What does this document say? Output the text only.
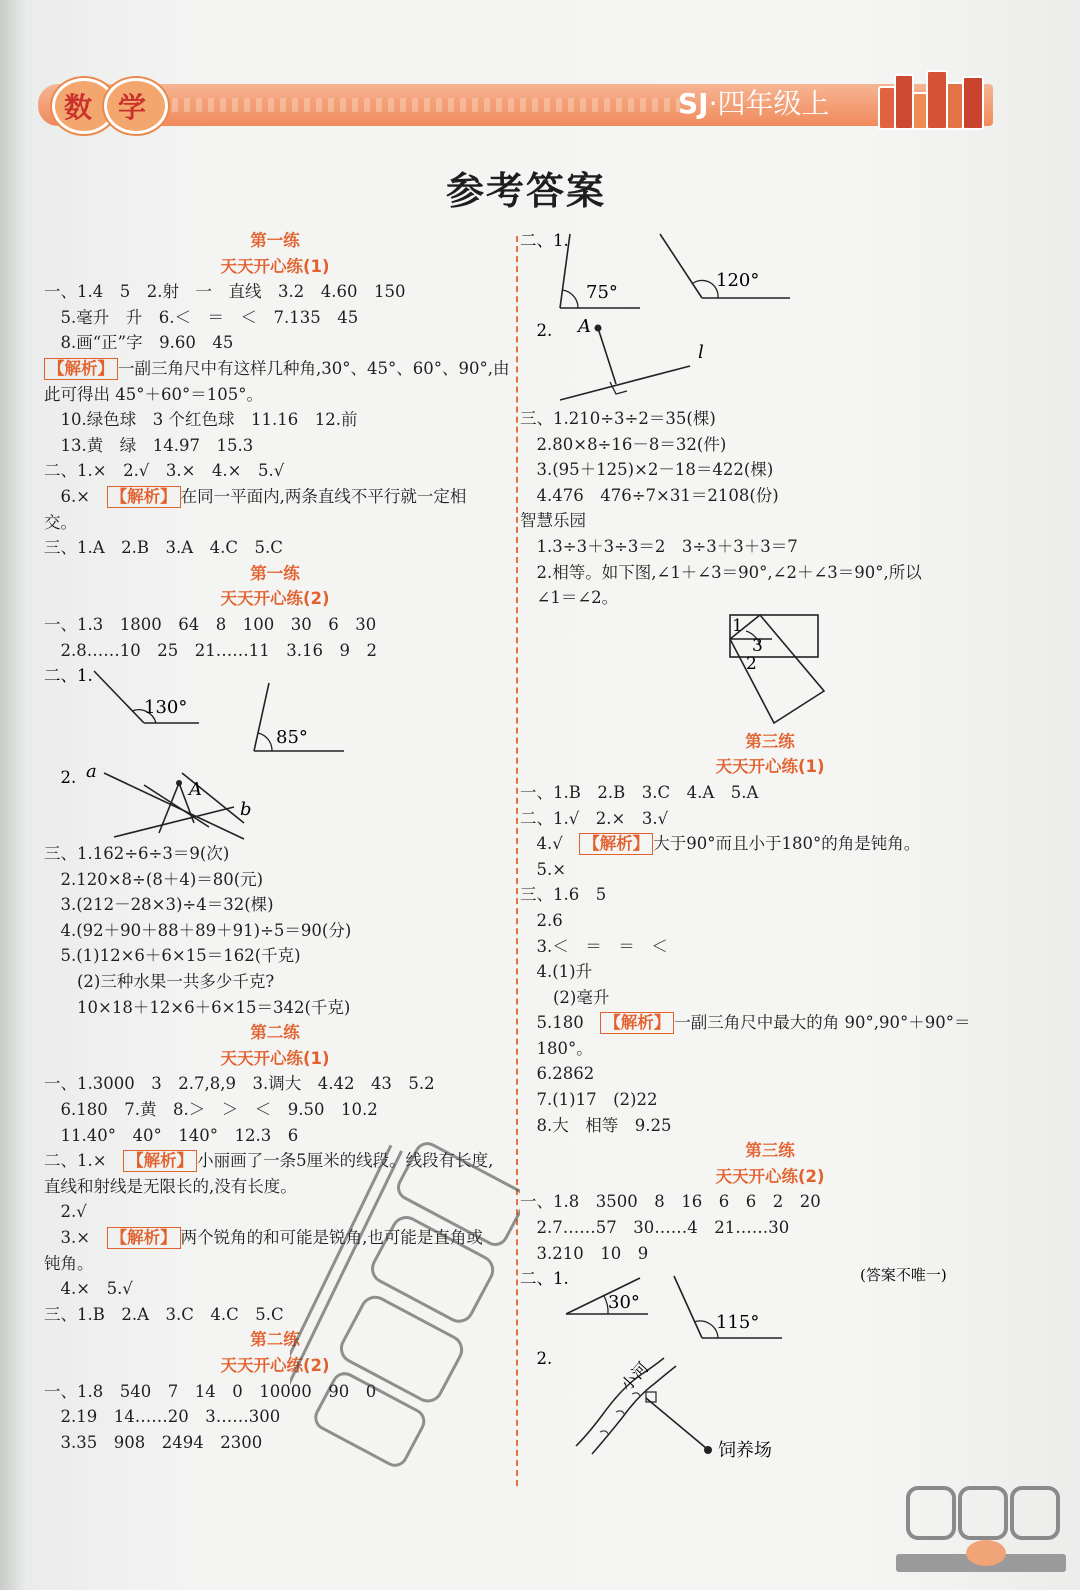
数 学	SJ·四年级上
参考答案
第一练
天天开心练(1)
一、1.4　5　2.射　一　直线　3.2　4.60　150
　5.毫升　升　6.＜　＝　＜　7.135　45
　8.画“正”字　9.60　45
【解析】 一副三角尺中有这样几种角,30°、45°、60°、90°,由
此可得出 45°＋60°＝105°。
　10.绿色球　3 个红色球　11.16　12.前
　13.黄　绿　14.97　15.3
二、1.×　2.√　3.×　4.×　5.√
　6.×　【解析】 在同一平面内,两条直线不平行就一定相
交。
三、1.A　2.B　3.A　4.C　5.C
第一练
天天开心练(2)
一、1.3　1800　64　8　100　30　6　30
　2.8……10　25　21……11　3.16　9　2
二、1.
130°
85°
　2. a
A
b
三、1.162÷6÷3＝9(次)
　2.120×8÷(8＋4)＝80(元)
　3.(212－28×3)÷4＝32(棵)
　4.(92＋90＋88＋89＋91)÷5＝90(分)
　5.(1)12×6＋6×15＝162(千克)
　　(2)三种水果一共多少千克?
　　10×18＋12×6＋6×15＝342(千克)
第二练
天天开心练(1)
一、1.3000　3　2.7,8,9　3.调大　4.42　43　5.2
　6.180　7.黄　8.＞　＞　＜　9.50　10.2
　11.40°　40°　140°　12.3　6
二、1.×　【解析】 小丽画了一条5厘米的线段。线段有长度,
直线和射线是无限长的,没有长度。
　2.√
　3.×　【解析】 两个锐角的和可能是锐角,也可能是直角或
钝角。
　4.×　5.√
三、1.B　2.A　3.C　4.C　5.C
第二练
天天开心练(2)
一、1.8　540　7　14　0　10000　90　0
　2.19　14……20　3……300
　3.35　908　2494　2300
二、1.
75°
120°
　2. A
l
三、1.210÷3÷2＝35(棵)
　2.80×8÷16－8＝32(件)
　3.(95＋125)×2－18＝422(棵)
　4.476　476÷7×31＝2108(份)
智慧乐园
　1.3÷3＋3÷3＝2　3÷3＋3＋3＝7
　2.相等。如下图,∠1＋∠3＝90°,∠2＋∠3＝90°,所以
　∠1＝∠2。
1
3
2
第三练
天天开心练(1)
一、1.B　2.B　3.C　4.A　5.A
二、1.√　2.×　3.√
　4.√　【解析】 大于90°而且小于180°的角是钝角。
　5.×
三、1.6　5
　2.6
　3.＜　＝　＝　＜
　4.(1)升
　　(2)毫升
　5.180　【解析】 一副三角尺中最大的角 90°,90°＋90°＝
　180°。
　6.2862
　7.(1)17　(2)22
　8.大　相等　9.25
第三练
天天开心练(2)
一、1.8　3500　8　16　6　6　2　20
　2.7……57　30……4　21……30
　3.210　10　9
二、1.
30°
115°
(答案不唯一)
　2.	小河
饲养场
